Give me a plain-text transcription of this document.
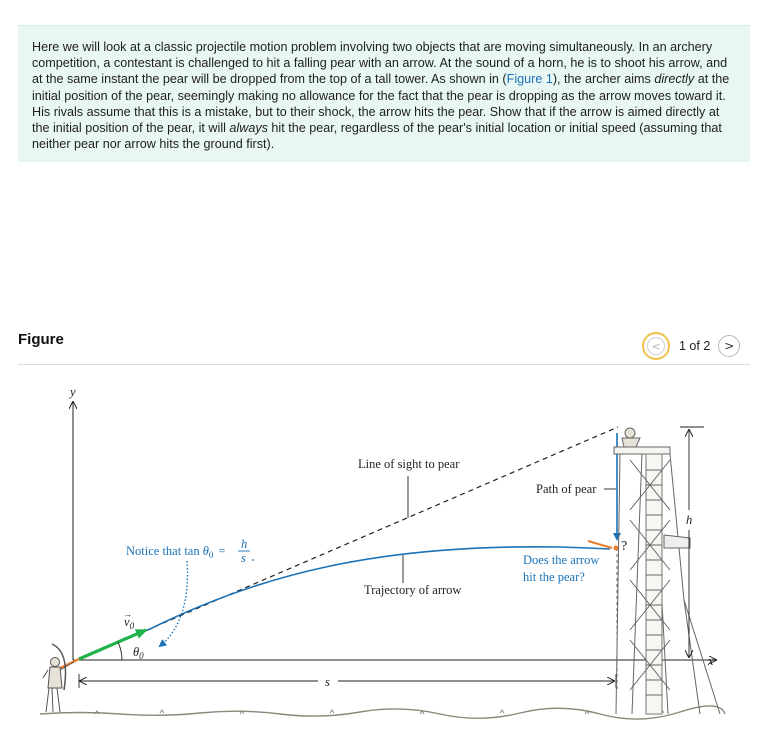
Here we will look at a classic projectile motion problem involving two objects that are moving simultaneously. In an archery competition, a contestant is challenged to hit a falling pear with an arrow. At the sound of a horn, he is to shoot his arrow, and at the same instant the pear will be dropped from the top of a tall tower. As shown in (Figure 1), the archer aims directly at the initial position of the pear, seemingly making no allowance for the fact that the pear is dropping as the arrow moves toward it. His rivals assume that this is a mistake, but to their shock, the arrow hits the pear. Show that if the arrow is aimed directly at the initial position of the pear, it will always hit the pear, regardless of the pear's initial location or initial speed (assuming that neither pear nor arrow hits the ground first).

Figure	<	1 of 2 >
y
x
s
Line of sight to pear
Trajectory of arrow
Path of pear
?
Does the arrow
hit the pear?
Notice that $\tan \theta_0 = h$
s
$v_0$
→
$\theta_0$
h
